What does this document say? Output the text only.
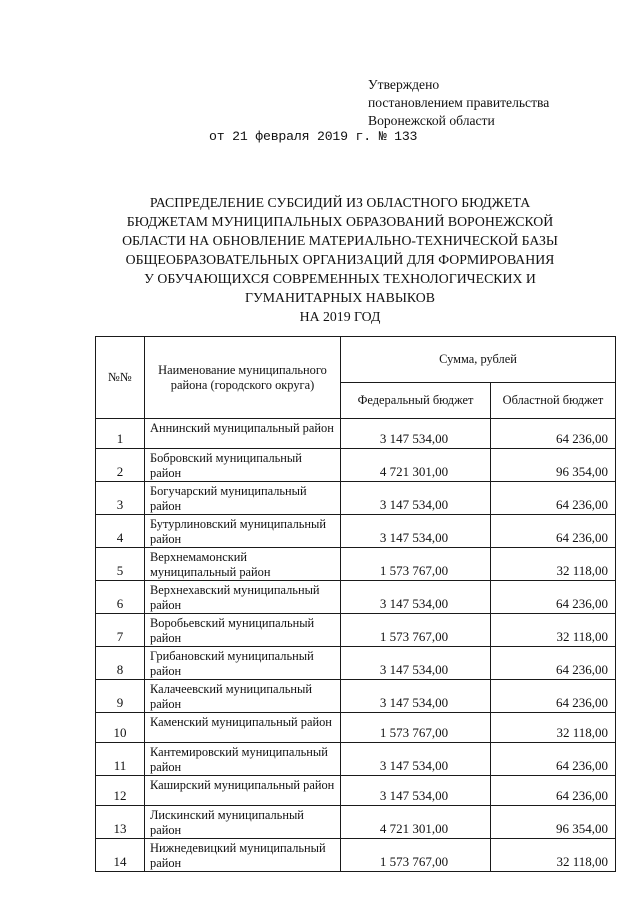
Утверждено
постановлением правительства
Воронежской области
от 21 февраля 2019 г. № 133
РАСПРЕДЕЛЕНИЕ СУБСИДИЙ ИЗ ОБЛАСТНОГО БЮДЖЕТА
БЮДЖЕТАМ МУНИЦИПАЛЬНЫХ ОБРАЗОВАНИЙ ВОРОНЕЖСКОЙ
ОБЛАСТИ НА ОБНОВЛЕНИЕ МАТЕРИАЛЬНО-ТЕХНИЧЕСКОЙ БАЗЫ
ОБЩЕОБРАЗОВАТЕЛЬНЫХ ОРГАНИЗАЦИЙ ДЛЯ ФОРМИРОВАНИЯ
У ОБУЧАЮЩИХСЯ СОВРЕМЕННЫХ ТЕХНОЛОГИЧЕСКИХ И
ГУМАНИТАРНЫХ НАВЫКОВ
НА 2019 ГОД
№№	Наименование муниципального района (городского округа)	Сумма, рублей	
		Федеральный бюджет	Областной бюджет
1	Аннинский муниципальный район	3 147 534,00	64 236,00
2	Бобровский муниципальный район	4 721 301,00	96 354,00
3	Богучарский муниципальный район	3 147 534,00	64 236,00
4	Бутурлиновский муниципальный район	3 147 534,00	64 236,00
5	Верхнемамонский муниципальный район	1 573 767,00	32 118,00
6	Верхнехавский муниципальный район	3 147 534,00	64 236,00
7	Воробьевский муниципальный район	1 573 767,00	32 118,00
8	Грибановский муниципальный район	3 147 534,00	64 236,00
9	Калачеевский муниципальный район	3 147 534,00	64 236,00
10	Каменский муниципальный район	1 573 767,00	32 118,00
11	Кантемировский муниципальный район	3 147 534,00	64 236,00
12	Каширский муниципальный район	3 147 534,00	64 236,00
13	Лискинский муниципальный район	4 721 301,00	96 354,00
14	Нижнедевицкий муниципальный район	1 573 767,00	32 118,00
